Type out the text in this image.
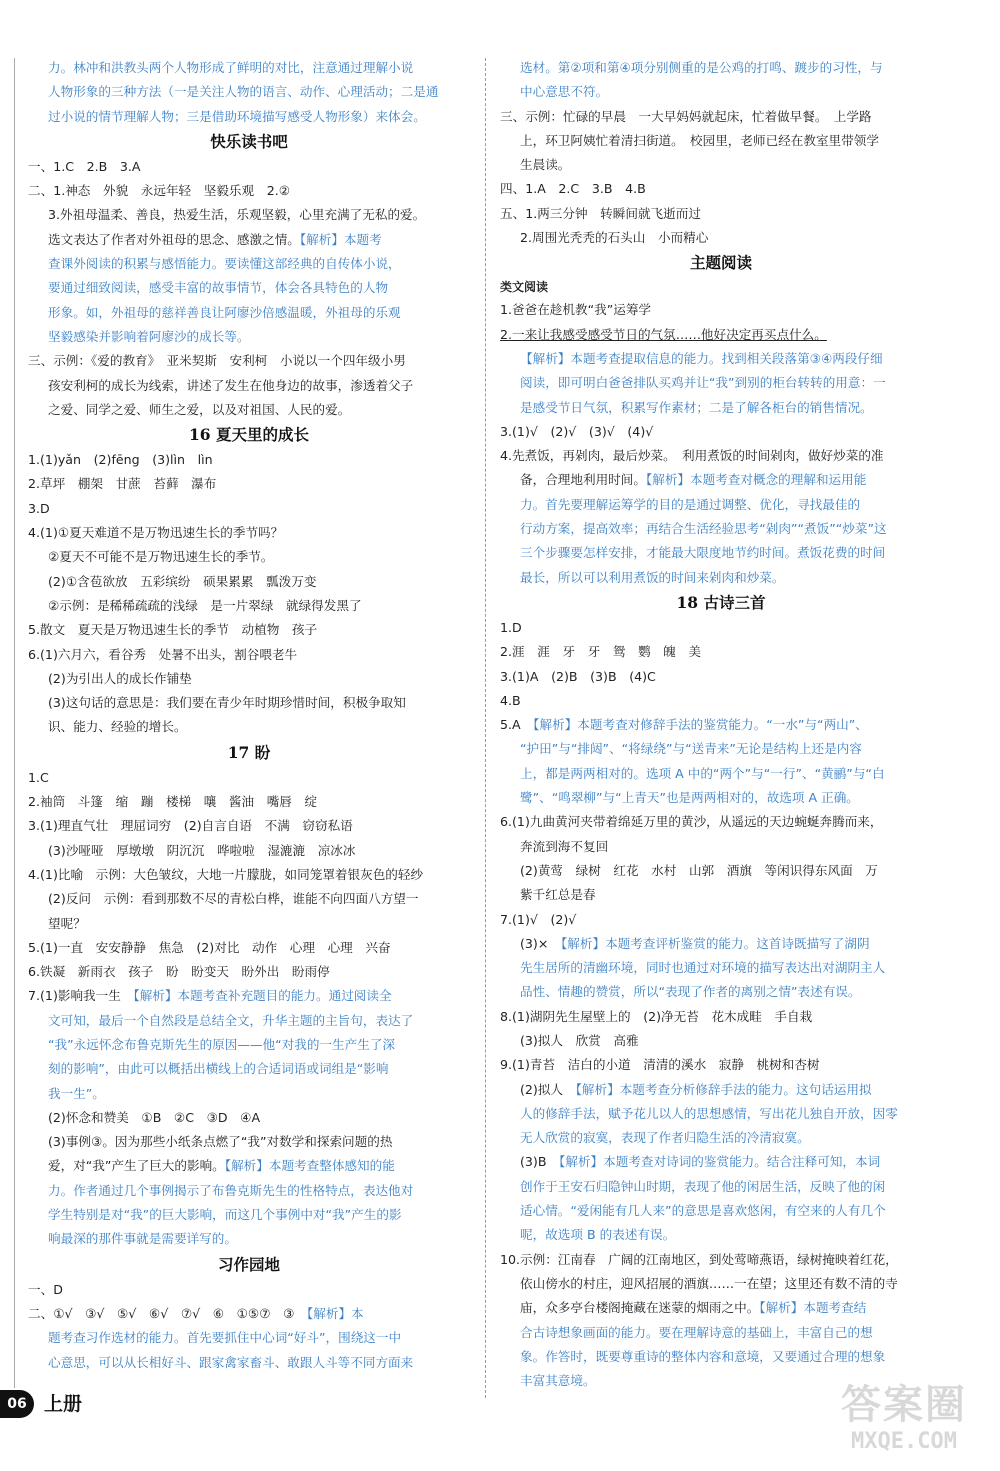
力。林冲和洪教头两个人物形成了鲜明的对比，注意通过理解小说
人物形象的三种方法（一是关注人物的语言、动作、心理活动；二是通
过小说的情节理解人物；三是借助环境描写感受人物形象）来体会。
快乐读书吧
一、1.C　2.B　3.A
二、1.神态　外貌　永远年轻　坚毅乐观　2.②
3.外祖母温柔、善良，热爱生活，乐观坚毅，心里充满了无私的爱。
选文表达了作者对外祖母的思念、感激之情。【解析】本题考
查课外阅读的积累与感悟能力。要读懂这部经典的自传体小说，
要通过细致阅读，感受丰富的故事情节，体会各具特色的人物
形象。如，外祖母的慈祥善良让阿廖沙倍感温暖，外祖母的乐观
坚毅感染并影响着阿廖沙的成长等。
三、示例：《爱的教育》　亚米契斯　安利柯　小说以一个四年级小男
孩安利柯的成长为线索，讲述了发生在他身边的故事，渗透着父子
之爱、同学之爱、师生之爱，以及对祖国、人民的爱。
16 夏天里的成长
1.(1)yǎn　(2)fēng　(3)lìn　lìn
2.草坪　棚架　甘蔗　苔藓　瀑布
3.D
4.(1)①夏天难道不是万物迅速生长的季节吗？
②夏天不可能不是万物迅速生长的季节。
(2)①含苞欲放　五彩缤纷　硕果累累　瓢泼万变
②示例：是稀稀疏疏的浅绿　是一片翠绿　就绿得发黑了
5.散文　夏天是万物迅速生长的季节　动植物　孩子
6.(1)六月六，看谷秀　处暑不出头，割谷喂老牛
(2)为引出人的成长作铺垫
(3)这句话的意思是：我们要在青少年时期珍惜时间，积极争取知
识、能力、经验的增长。
17 盼
1.C
2.袖筒　斗篷　缩　蹦　楼梯　嚷　酱油　嘴唇　绽
3.(1)理直气壮　理屈词穷　(2)自言自语　不满　窃窃私语
(3)沙哑哑　厚墩墩　阴沉沉　哗啦啦　湿漉漉　凉冰冰
4.(1)比喻　示例：大色皱纹，大地一片朦胧，如同笼罩着银灰色的轻纱
(2)反问　示例：看到那数不尽的青松白桦，谁能不向四面八方望一
望呢？
5.(1)一直　安安静静　焦急　(2)对比　动作　心理　心理　兴奋
6.铁凝　新雨衣　孩子　盼　盼变天　盼外出　盼雨停
7.(1)影响我一生　【解析】本题考查补充题目的能力。通过阅读全
文可知，最后一个自然段是总结全文，升华主题的主旨句，表达了
“我”永远怀念布鲁克斯先生的原因——他“对我的一生产生了深
刻的影响”，由此可以概括出横线上的合适词语或词组是“影响
我一生”。
(2)怀念和赞美　①B　②C　③D　④A
(3)事例③。因为那些小纸条点燃了“我”对数学和探索问题的热
爱，对“我”产生了巨大的影响。【解析】本题考查整体感知的能
力。作者通过几个事例揭示了布鲁克斯先生的性格特点，表达他对
学生特别是对“我”的巨大影响，而这几个事例中对“我”产生的影
响最深的那件事就是需要详写的。
习作园地
一、D
二、①√　③√　⑤√　⑥√　⑦√　⑥　①⑤⑦　③　【解析】本
题考查习作选材的能力。首先要抓住中心词“好斗”，围绕这一中
心意思，可以从长相好斗、跟家禽家畜斗、敢跟人斗等不同方面来
选材。第②项和第④项分别侧重的是公鸡的打鸣、踱步的习性，与
中心意思不符。
三、示例：忙碌的早晨　一大早妈妈就起床，忙着做早餐。　上学路
上，环卫阿姨忙着清扫街道。　校园里，老师已经在教室里带领学
生晨读。
四、1.A　2.C　3.B　4.B
五、1.两三分钟　转瞬间就飞逝而过
2.周围光秃秃的石头山　小而精心
主题阅读
类文阅读
1.爸爸在趁机教“我”运筹学
2.一来让我感受感受节日的气氛……他好决定再买点什么。
【解析】本题考查提取信息的能力。找到相关段落第③④两段仔细
阅读，即可明白爸爸排队买鸡并让“我”到别的柜台转转的用意：一
是感受节日气氛，积累写作素材；二是了解各柜台的销售情况。
3.(1)√　(2)√　(3)√　(4)√
4.先煮饭，再剁肉，最后炒菜。　利用煮饭的时间剁肉，做好炒菜的准
备，合理地利用时间。【解析】本题考查对概念的理解和运用能
力。首先要理解运筹学的目的是通过调整、优化，寻找最佳的
行动方案，提高效率；再结合生活经验思考“剁肉”“煮饭”“炒菜”这
三个步骤要怎样安排，才能最大限度地节约时间。煮饭花费的时间
最长，所以可以利用煮饭的时间来剁肉和炒菜。
18 古诗三首
1.D
2.涯　涯　牙　牙　鸳　鹦　魄　美
3.(1)A　(2)B　(3)B　(4)C
4.B
5.A　【解析】本题考查对修辞手法的鉴赏能力。“一水”与“两山”、
“护田”与“排闼”、“将绿绕”与“送青来”无论是结构上还是内容
上，都是两两相对的。选项 A 中的“两个”与“一行”、“黄鹂”与“白
鹭”、“鸣翠柳”与“上青天”也是两两相对的，故选项 A 正确。
6.(1)九曲黄河夹带着绵延万里的黄沙，从遥远的天边蜿蜒奔腾而来，
奔流到海不复回
(2)黄莺　绿树　红花　水村　山郭　酒旗　等闲识得东风面　万
紫千红总是春
7.(1)√　(2)√
(3)×　【解析】本题考查评析鉴赏的能力。这首诗既描写了湖阴
先生居所的清幽环境，同时也通过对环境的描写表达出对湖阴主人
品性、情趣的赞赏，所以“表现了作者的离别之情”表述有误。
8.(1)湖阴先生屋壁上的　(2)净无苔　花木成畦　手自栽
(3)拟人　欣赏　高雅
9.(1)青苔　洁白的小道　清清的溪水　寂静　桃树和杏树
(2)拟人　【解析】本题考查分析修辞手法的能力。这句话运用拟
人的修辞手法，赋予花儿以人的思想感情，写出花儿独自开放，因零
无人欣赏的寂寞，表现了作者归隐生活的冷清寂寞。
(3)B　【解析】本题考查对诗词的鉴赏能力。结合注释可知，本词
创作于王安石归隐钟山时期，表现了他的闲居生活，反映了他的闲
适心情。“爱闲能有几人来”的意思是喜欢悠闲，有空来的人有几个
呢，故选项 B 的表述有误。
10.示例：江南春　广阔的江南地区，到处莺啼燕语，绿树掩映着红花，
依山傍水的村庄，迎风招展的酒旗……一在望；这里还有数不清的寺
庙，众多亭台楼阁掩藏在迷蒙的烟雨之中。【解析】本题考查结
合古诗想象画面的能力。要在理解诗意的基础上，丰富自己的想
象。作答时，既要尊重诗的整体内容和意境，又要通过合理的想象
丰富其意境。
06 上册	答案圈
MXQE.COM
